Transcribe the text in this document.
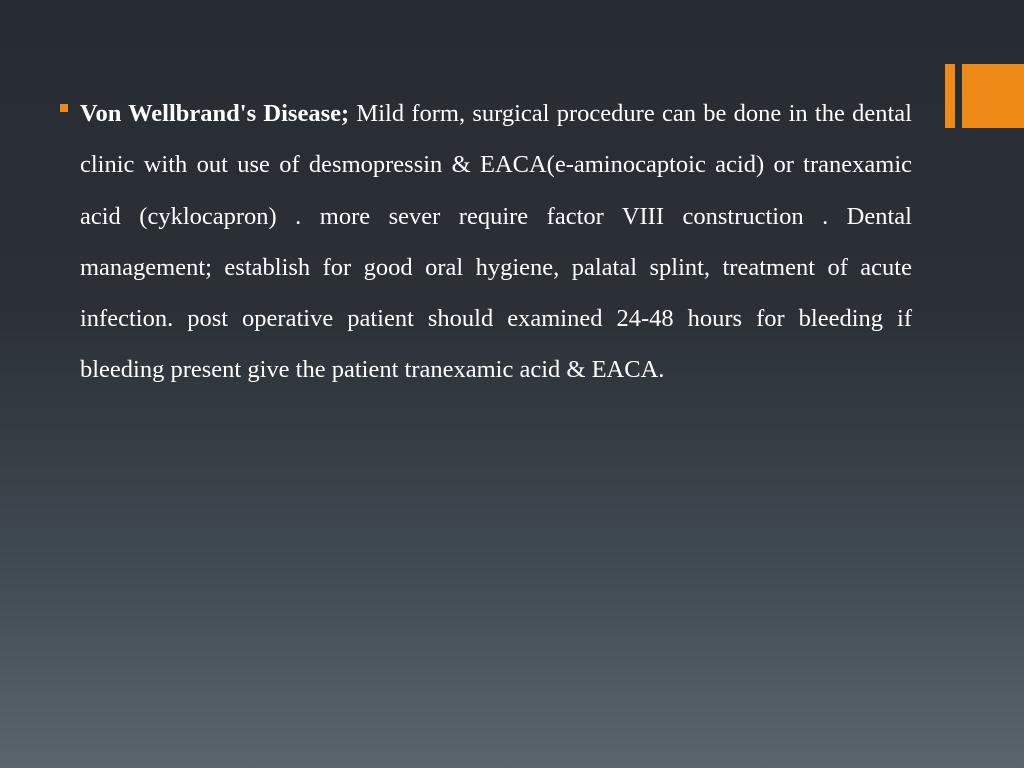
Von Wellbrand's Disease; Mild form, surgical procedure can be done in the dental clinic with out use of desmopressin & EACA(e-aminocaptoic acid) or tranexamic acid (cyklocapron) . more sever require factor VIII construction . Dental management; establish for good oral hygiene, palatal splint, treatment of acute infection. post operative patient should examined 24-48 hours for bleeding if bleeding present give the patient tranexamic acid & EACA.
